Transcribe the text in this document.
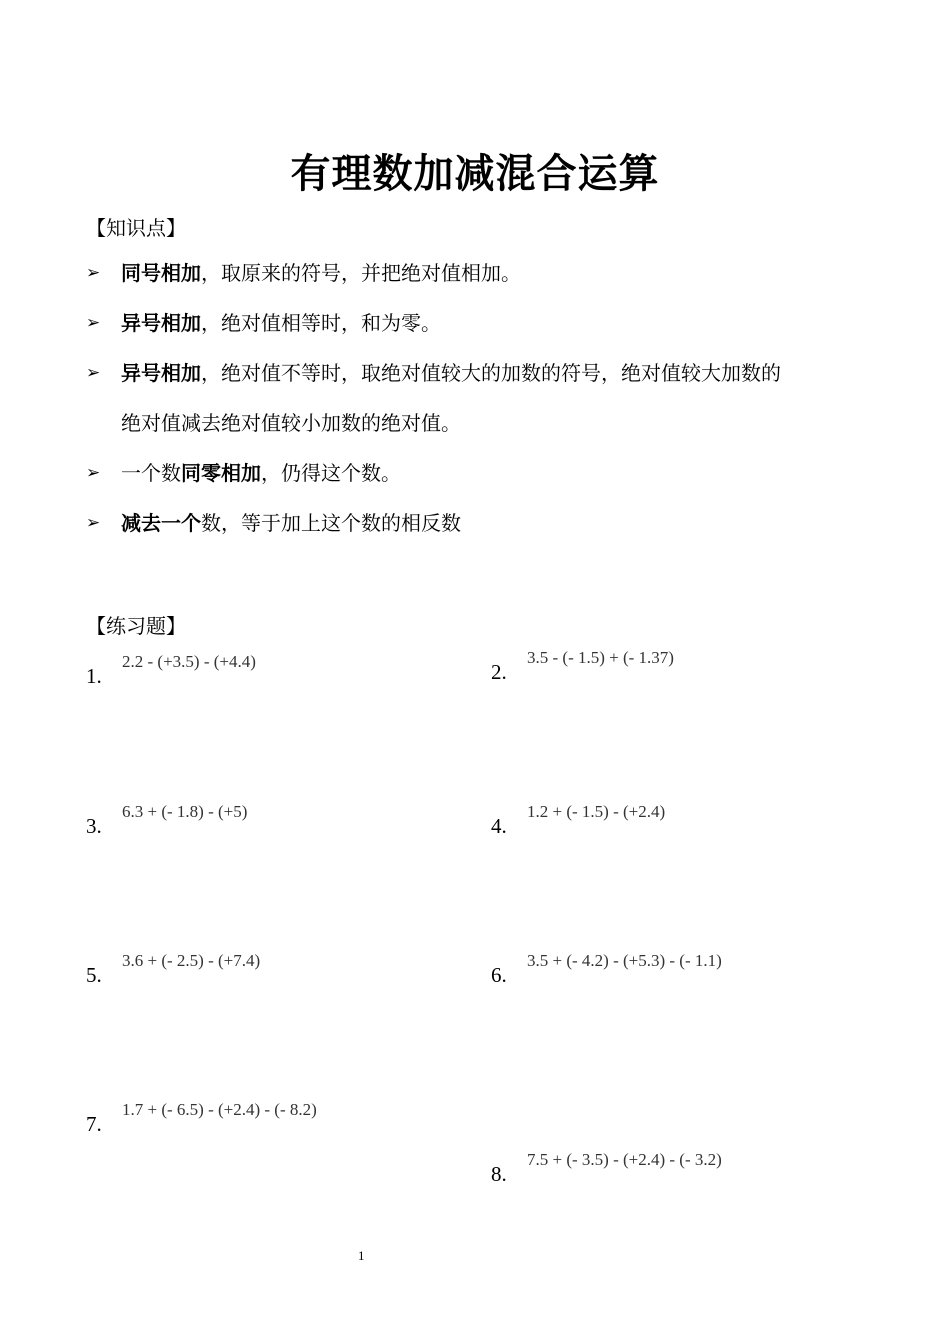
有理数加减混合运算
【知识点】
➢ 同号相加，取原来的符号，并把绝对值相加。
➢ 异号相加，绝对值相等时，和为零。
➢ 异号相加，绝对值不等时，取绝对值较大的加数的符号，绝对值较大加数的
绝对值减去绝对值较小加数的绝对值。
➢ 一个数同零相加，仍得这个数。
➢ 减去一个数，等于加上这个数的相反数
【练习题】
1.
2.2 - (+3.5) - (+4.4)	2.
3.5 - (- 1.5) + (- 1.37)
3.
6.3 + (- 1.8) - (+5)
4.
1.2 + (- 1.5) - (+2.4)
5.
3.6 + (- 2.5) - (+7.4)
6.
3.5 + (- 4.2) - (+5.3) - (- 1.1)
7.
1.7 + (- 6.5) - (+2.4) - (- 8.2)
8.
7.5 + (- 3.5) - (+2.4) - (- 3.2)
1
